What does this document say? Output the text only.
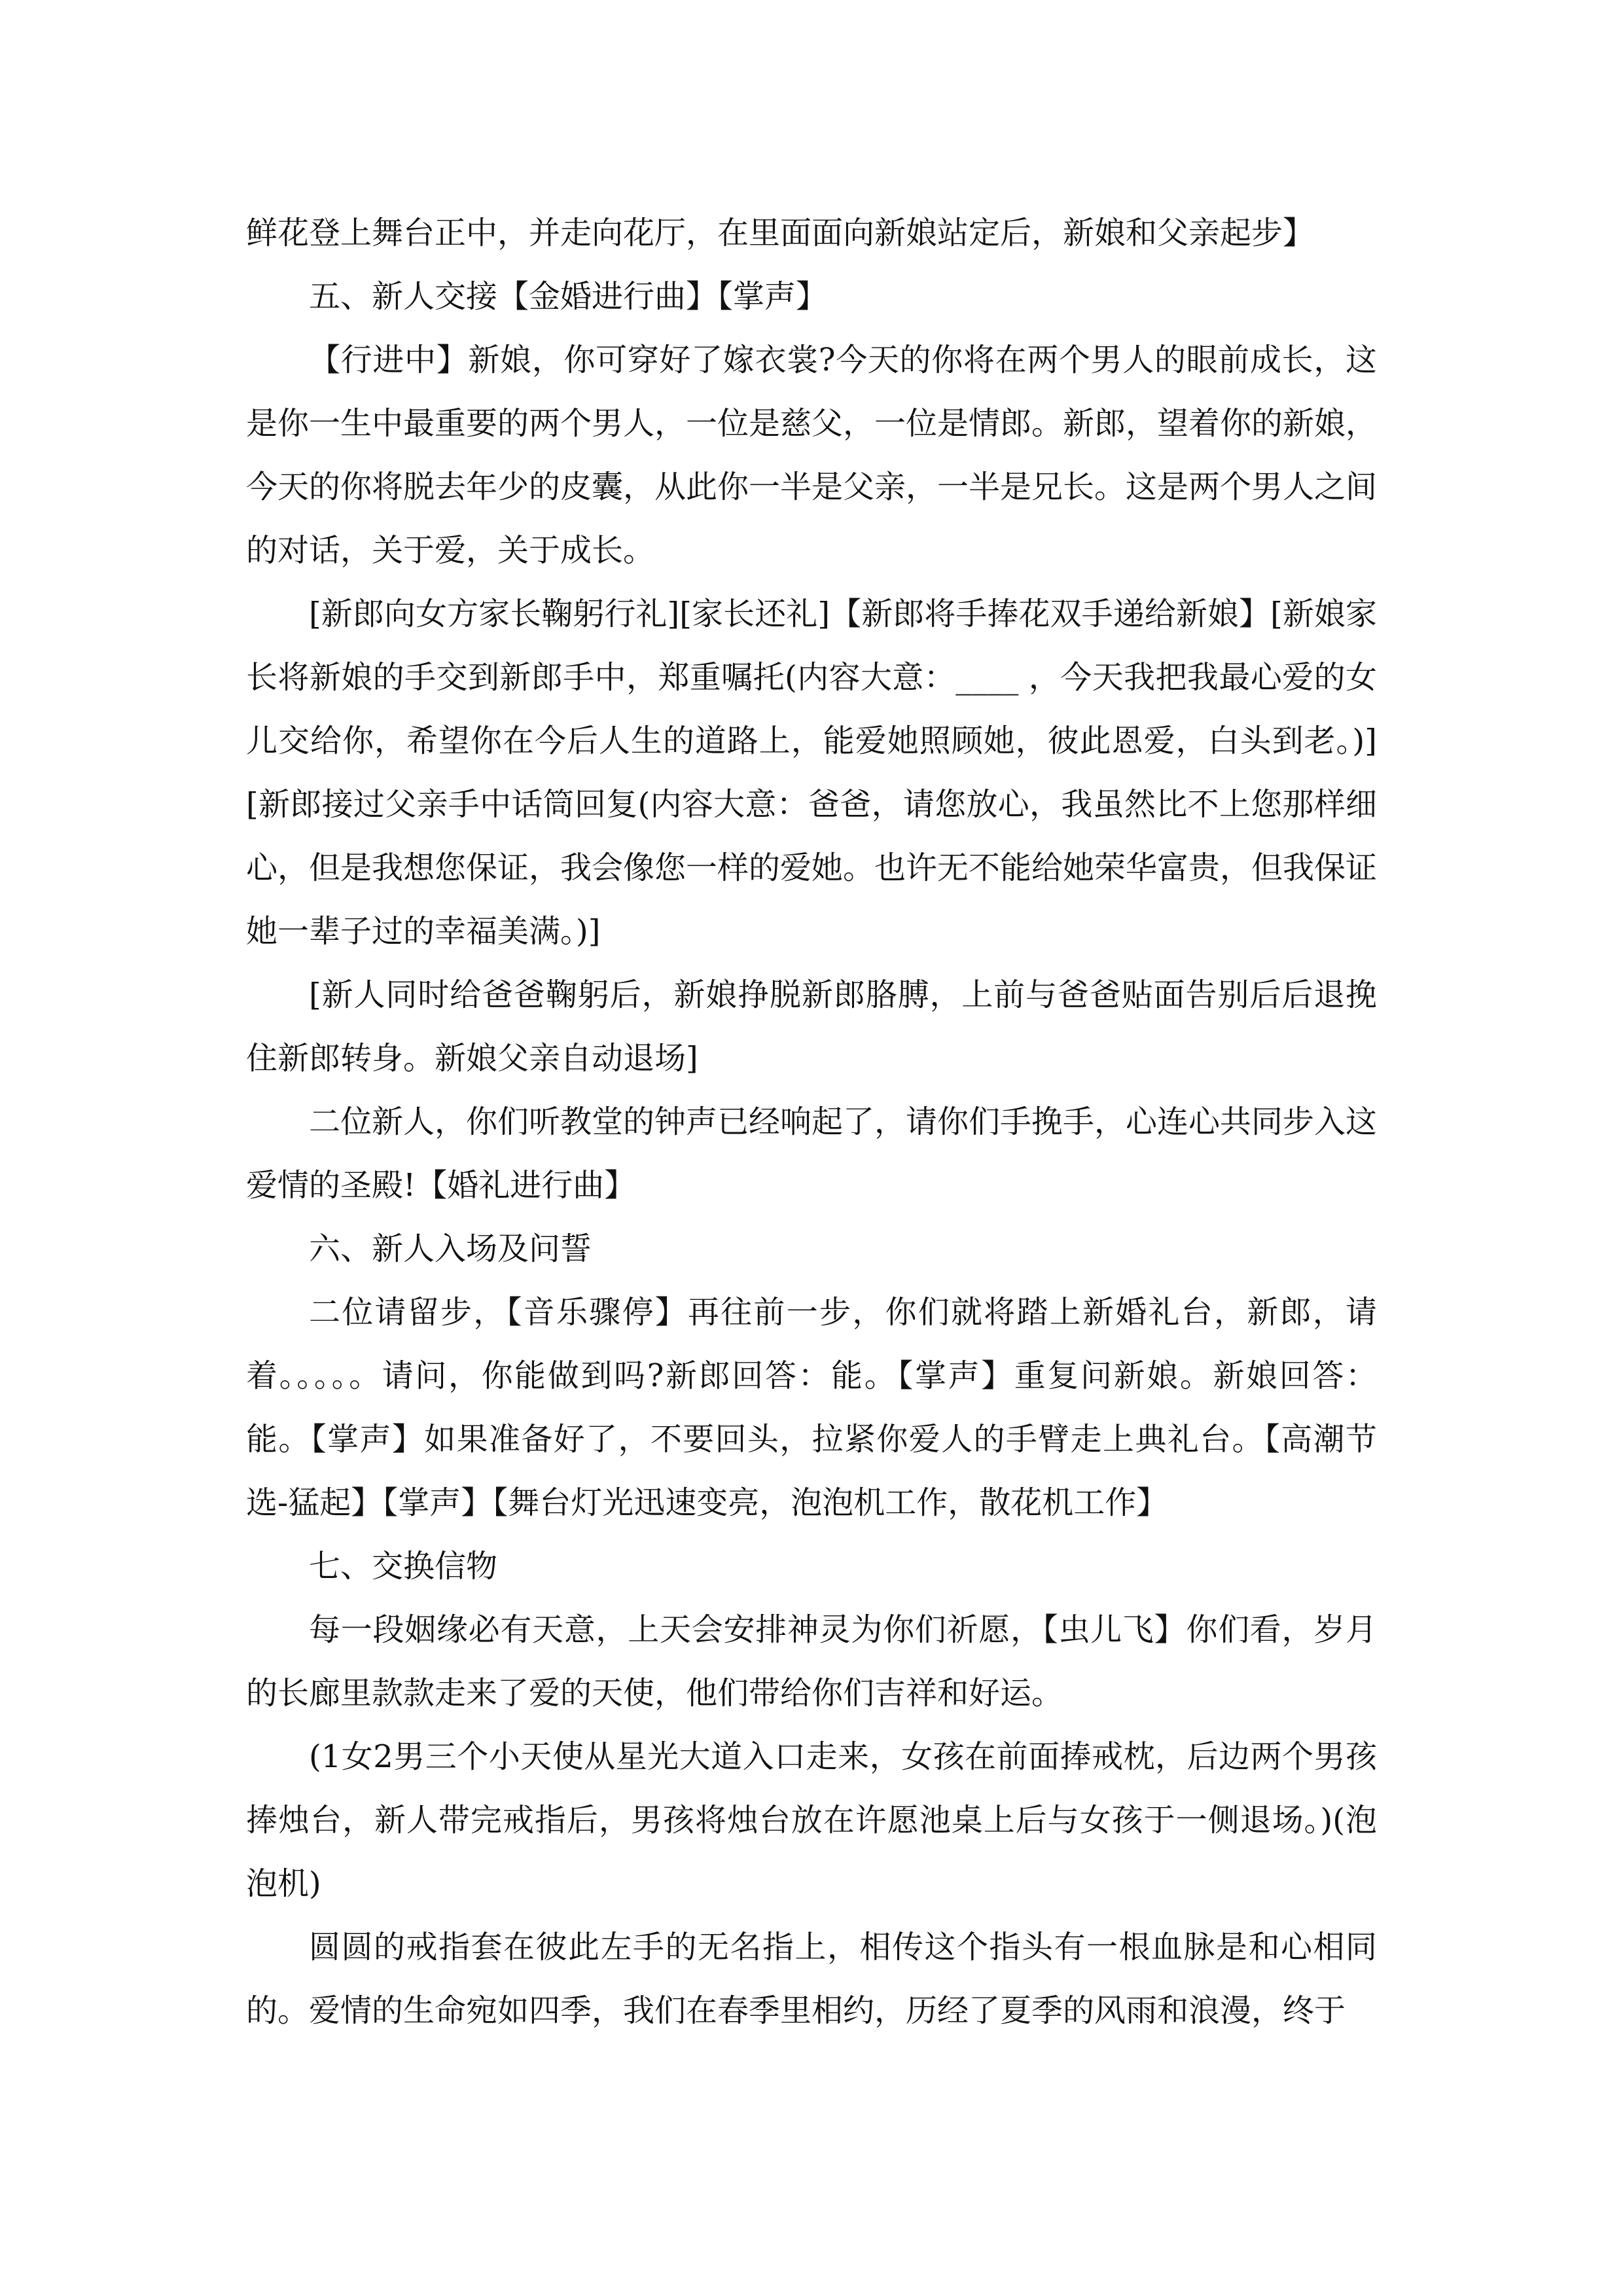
鲜花登上舞台正中，并走向花厅，在里面面向新娘站定后，新娘和父亲起步】

五、新人交接【金婚进行曲】【掌声】

【行进中】新娘，你可穿好了嫁衣裳?今天的你将在两个男人的眼前成长，这是你一生中最重要的两个男人，一位是慈父，一位是情郎。新郎，望着你的新娘，今天的你将脱去年少的皮囊，从此你一半是父亲，一半是兄长。这是两个男人之间的对话，关于爱，关于成长。

[新郎向女方家长鞠躬行礼][家长还礼]【新郎将手捧花双手递给新娘】[新娘家长将新娘的手交到新郎手中，郑重嘱托(内容大意：____ ，今天我把我最心爱的女儿交给你，希望你在今后人生的道路上，能爱她照顾她，彼此恩爱，白头到老。)][新郎接过父亲手中话筒回复(内容大意：爸爸，请您放心，我虽然比不上您那样细心，但是我想您保证，我会像您一样的爱她。也许无不能给她荣华富贵，但我保证她一辈子过的幸福美满。)]

[新人同时给爸爸鞠躬后，新娘挣脱新郎胳膊，上前与爸爸贴面告别后后退挽住新郎转身。新娘父亲自动退场]

二位新人，你们听教堂的钟声已经响起了，请你们手挽手，心连心共同步入这爱情的圣殿!【婚礼进行曲】

六、新人入场及问誓

二位请留步，【音乐骤停】再往前一步，你们就将踏上新婚礼台，新郎，请着。。。。。请问，你能做到吗?新郎回答：能。【掌声】重复问新娘。新娘回答：能。【掌声】如果准备好了，不要回头，拉紧你爱人的手臂走上典礼台。【高潮节选-猛起】【掌声】【舞台灯光迅速变亮，泡泡机工作，散花机工作】

七、交换信物

每一段姻缘必有天意，上天会安排神灵为你们祈愿，【虫儿飞】你们看，岁月的长廊里款款走来了爱的天使，他们带给你们吉祥和好运。

(1女2男三个小天使从星光大道入口走来，女孩在前面捧戒枕，后边两个男孩捧烛台，新人带完戒指后，男孩将烛台放在许愿池桌上后与女孩于一侧退场。)(泡泡机)

圆圆的戒指套在彼此左手的无名指上，相传这个指头有一根血脉是和心相同的。爱情的生命宛如四季，我们在春季里相约，历经了夏季的风雨和浪漫，终于
